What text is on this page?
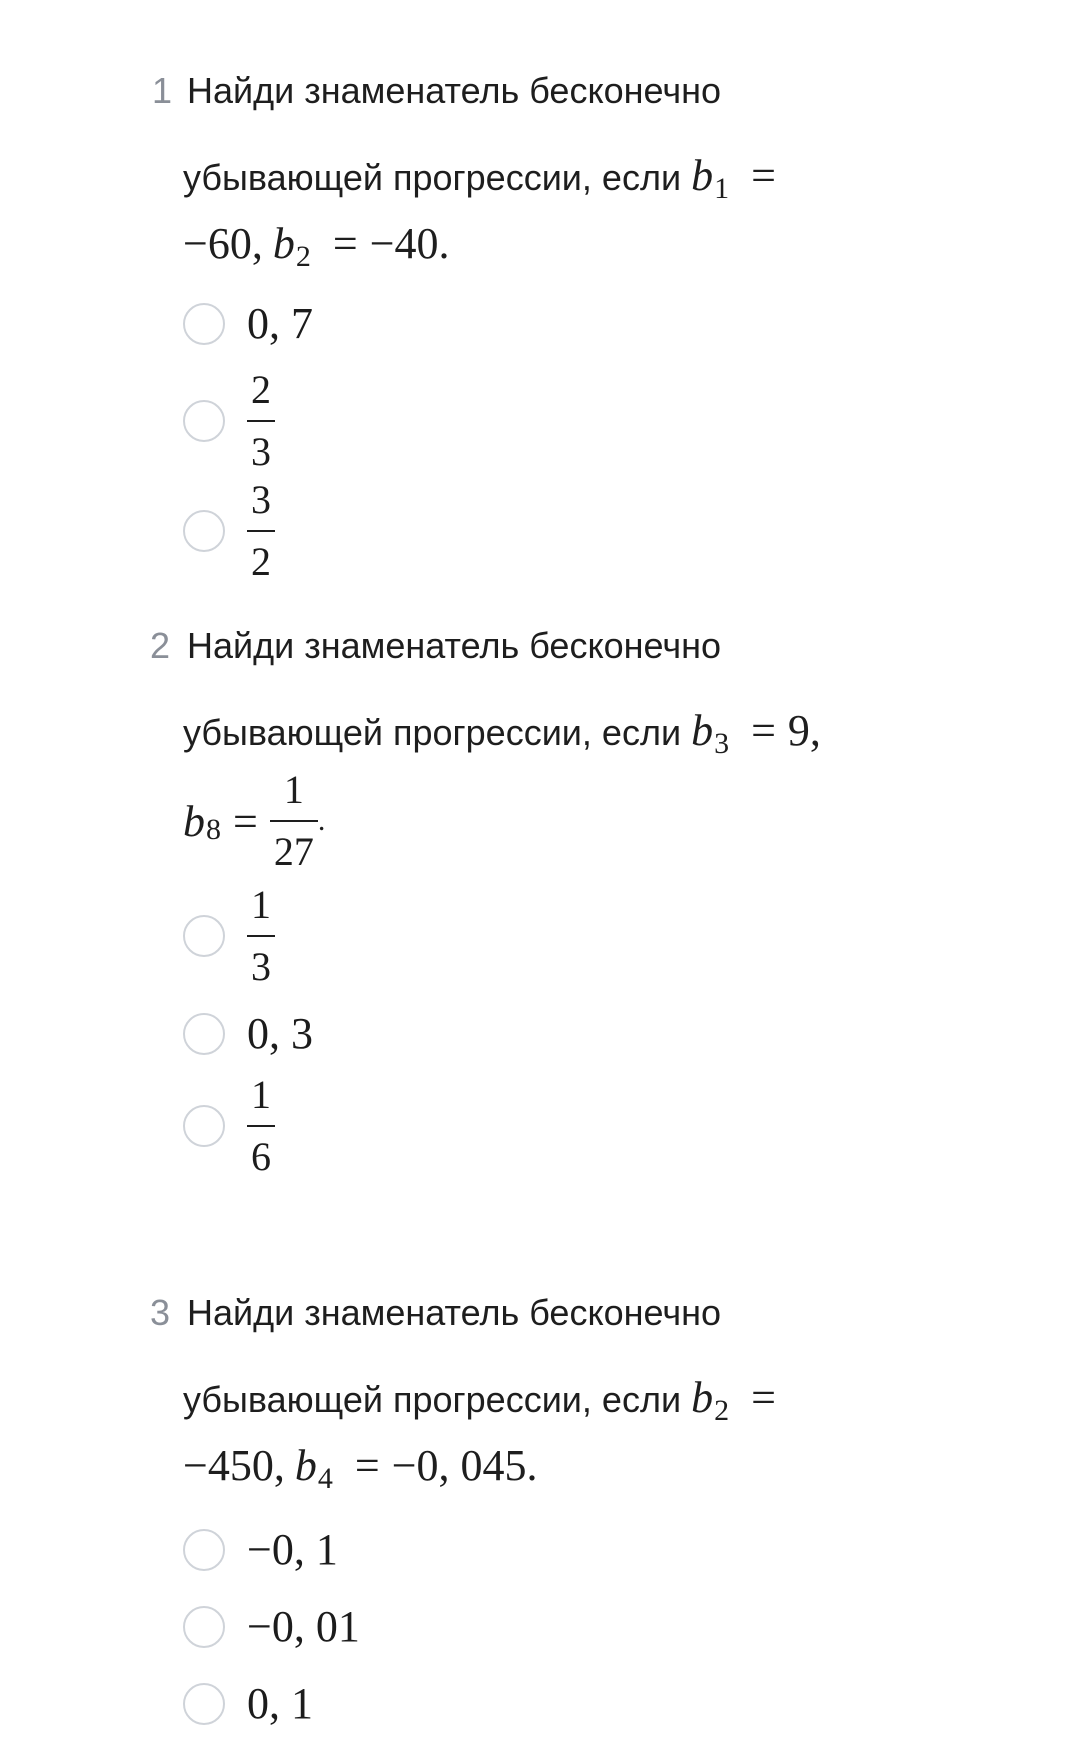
1 Найди знаменатель бесконечно
убывающей прогрессии, если $b_1$ =
−60, $b_2 = -40$.
0, 7
$\frac{2}{3}$
$\frac{3}{2}$
2 Найди знаменатель бесконечно
убывающей прогрессии, если $b_3 = 9$,
b $8 = \frac{1}{27}$ .
$\frac{1}{3}$
0, 3
$\frac{1}{6}$
3 Найди знаменатель бесконечно
убывающей прогрессии, если $b_2$ =
−450, $b_4 = -0$, 045.
−0, 1
−0, 01
0, 1
